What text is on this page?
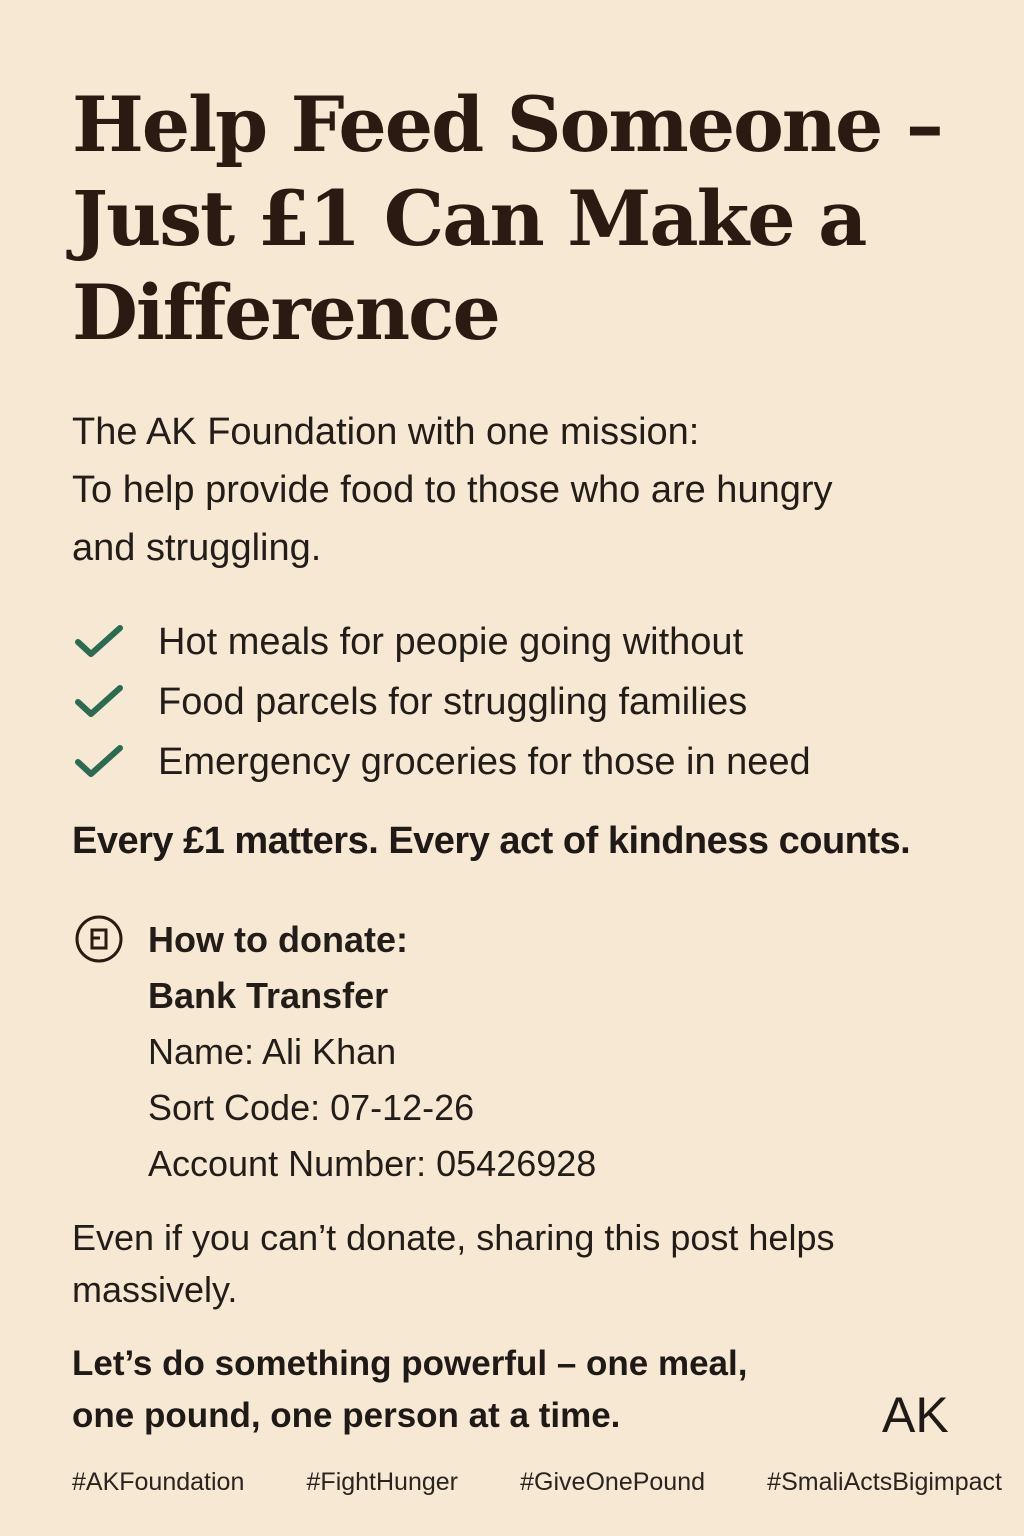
Help Feed Someone –
Just £1 Can Make a
Difference
The AK Foundation with one mission:
To help provide food to those who are hungry
and struggling.
Hot meals for peopie going without
Food parcels for struggling families
Emergency groceries for those in need
Every £1 matters. Every act of kindness counts.
How to donate:
Bank Transfer
Name: Ali Khan
Sort Code: 07-12-26
Account Number: 05426928
Even if you can’t donate, sharing this post helps massively.
Let’s do something powerful – one meal,
one pound, one person at a time.	AK
#AKFoundation #FightHunger #GiveOnePound #SmaliActsBigimpact
